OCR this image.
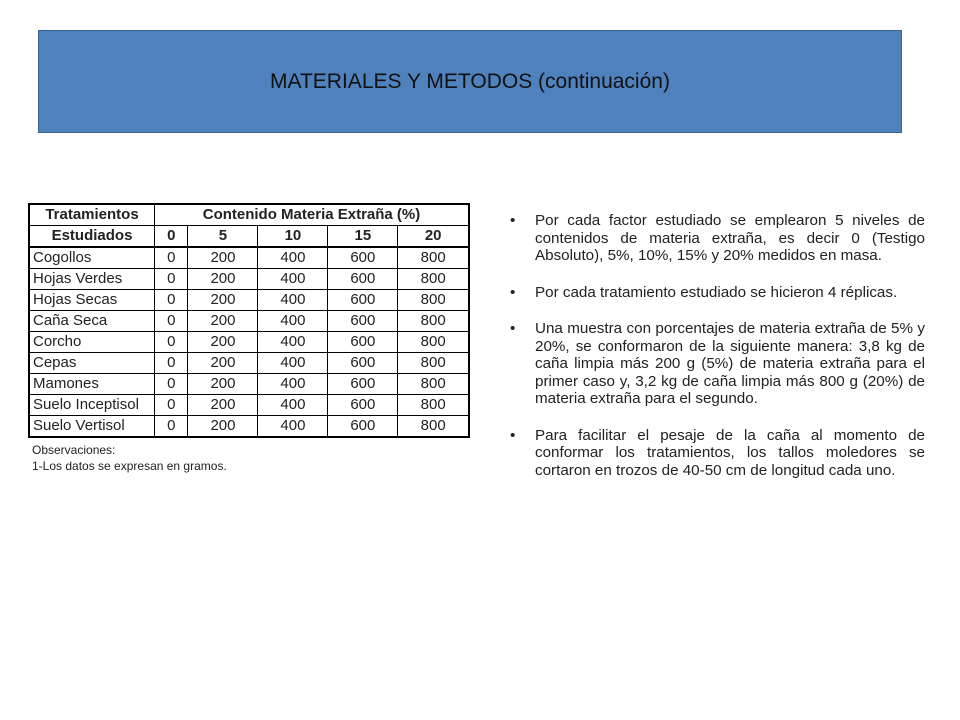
MATERIALES Y METODOS (continuación)
Tratamientos	Contenido Materia Extraña (%)				
Estudiados	0	5	10	15	20
Cogollos	0	200	400	600	800
Hojas Verdes	0	200	400	600	800
Hojas Secas	0	200	400	600	800
Caña Seca	0	200	400	600	800
Corcho	0	200	400	600	800
Cepas	0	200	400	600	800
Mamones	0	200	400	600	800
Suelo Inceptisol	0	200	400	600	800
Suelo Vertisol	0	200	400	600	800
Observaciones:
1-Los datos se expresan en gramos.
• Por cada factor estudiado se emplearon 5 niveles de contenidos de materia extraña, es decir 0 (Testigo Absoluto), 5%, 10%, 15% y 20% medidos en masa.
• Por cada tratamiento estudiado se hicieron 4 réplicas.
• Una muestra con porcentajes de materia extraña de 5% y 20%, se conformaron de la siguiente manera: 3,8 kg de caña limpia más 200 g (5%) de materia extraña para el primer caso y, 3,2 kg de caña limpia más 800 g (20%) de materia extraña para el segundo.
• Para facilitar el pesaje de la caña al momento de conformar los tratamientos, los tallos moledores se cortaron en trozos de 40-50 cm de longitud cada uno.
